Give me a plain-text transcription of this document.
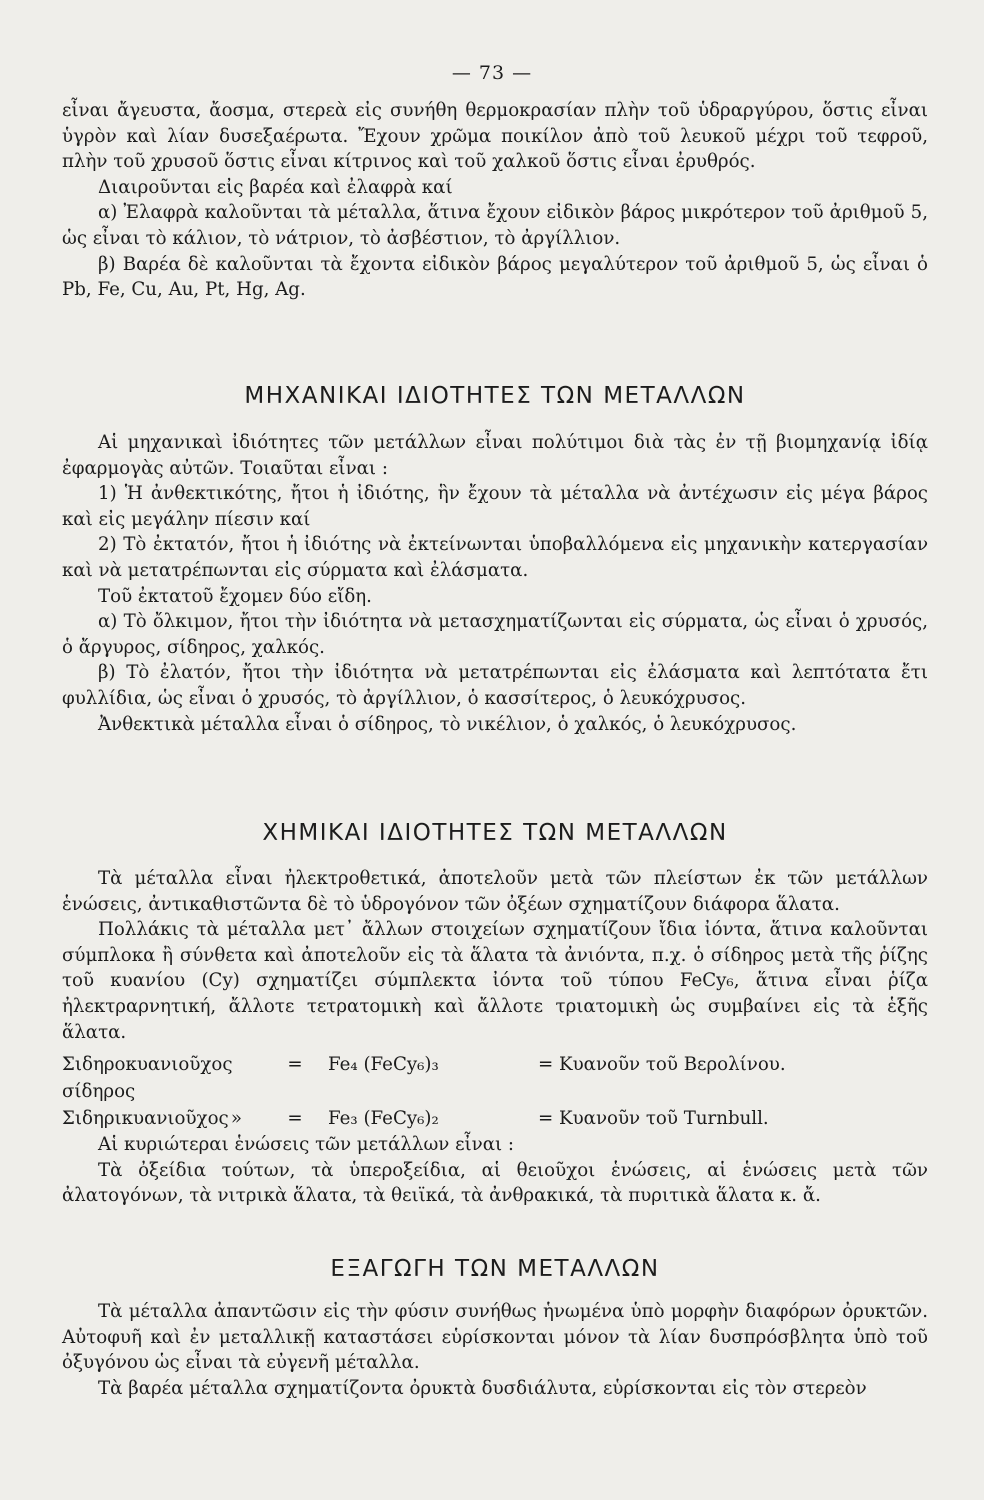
— 73 —

εἶναι ἄγευστα, ἄοσμα, στερεὰ εἰς συνήθη θερμοκρασίαν πλὴν τοῦ ὑδραργύρου, ὅστις εἶναι ὑγρὸν καὶ λίαν δυσεξαέρωτα. Ἔχουν χρῶμα ποικίλον ἀπὸ τοῦ λευκοῦ μέχρι τοῦ τεφροῦ, πλὴν τοῦ χρυσοῦ ὅστις εἶναι κίτρινος καὶ τοῦ χαλκοῦ ὅστις εἶναι ἐρυθρός.

Διαιροῦνται εἰς βαρέα καὶ ἐλαφρὰ καί

α) Ἐλαφρὰ καλοῦνται τὰ μέταλλα, ἅτινα ἔχουν εἰδικὸν βάρος μικρότερον τοῦ ἀριθμοῦ 5, ὡς εἶναι τὸ κάλιον, τὸ νάτριον, τὸ ἀσβέστιον, τὸ ἀργίλλιον.

β) Βαρέα δὲ καλοῦνται τὰ ἔχοντα εἰδικὸν βάρος μεγαλύτερον τοῦ ἀριθμοῦ 5, ὡς εἶναι ὁ Pb, Fe, Cu, Au, Pt, Hg, Ag.

ΜΗΧΑΝΙΚΑΙ ΙΔΙΟΤΗΤΕΣ ΤΩΝ ΜΕΤΑΛΛΩΝ

Αἱ μηχανικαὶ ἰδιότητες τῶν μετάλλων εἶναι πολύτιμοι διὰ τὰς ἐν τῇ βιομηχανίᾳ ἰδίᾳ ἐφαρμογὰς αὐτῶν. Τοιαῦται εἶναι :

1) Ἡ ἀνθεκτικότης, ἤτοι ἡ ἰδιότης, ἣν ἔχουν τὰ μέταλλα νὰ ἀντέχωσιν εἰς μέγα βάρος καὶ εἰς μεγάλην πίεσιν καί

2) Τὸ ἐκτατόν, ἤτοι ἡ ἰδιότης νὰ ἐκτείνωνται ὑποβαλλόμενα εἰς μηχανικὴν κατεργασίαν καὶ νὰ μετατρέπωνται εἰς σύρματα καὶ ἐλάσματα.

Τοῦ ἐκτατοῦ ἔχομεν δύο εἴδη.

α) Τὸ ὄλκιμον, ἤτοι τὴν ἰδιότητα νὰ μετασχηματίζωνται εἰς σύρματα, ὡς εἶναι ὁ χρυσός, ὁ ἄργυρος, σίδηρος, χαλκός.

β) Τὸ ἐλατόν, ἤτοι τὴν ἰδιότητα νὰ μετατρέπωνται εἰς ἐλάσματα καὶ λεπτότατα ἔτι φυλλίδια, ὡς εἶναι ὁ χρυσός, τὸ ἀργίλλιον, ὁ κασσίτερος, ὁ λευκόχρυσος.

Ἀνθεκτικὰ μέταλλα εἶναι ὁ σίδηρος, τὸ νικέλιον, ὁ χαλκός, ὁ λευκόχρυσος.

ΧΗΜΙΚΑΙ ΙΔΙΟΤΗΤΕΣ ΤΩΝ ΜΕΤΑΛΛΩΝ

Τὰ μέταλλα εἶναι ἠλεκτροθετικά, ἀποτελοῦν μετὰ τῶν πλείστων ἐκ τῶν μετάλλων ἑνώσεις, ἀντικαθιστῶντα δὲ τὸ ὑδρογόνον τῶν ὀξέων σχηματίζουν διάφορα ἅλατα.

Πολλάκις τὰ μέταλλα μετ᾿ ἄλλων στοιχείων σχηματίζουν ἴδια ἰόντα, ἅτινα καλοῦνται σύμπλοκα ἢ σύνθετα καὶ ἀποτελοῦν εἰς τὰ ἅλατα τὰ ἀνιόντα, π.χ. ὁ σίδηρος μετὰ τῆς ῥίζης τοῦ κυανίου (Cy) σχηματίζει σύμπλεκτα ἰόντα τοῦ τύπου FeCy₆, ἅτινα εἶναι ῥίζα ἠλεκτραρνητική, ἄλλοτε τετρατομικὴ καὶ ἄλλοτε τριατομικὴ ὡς συμβαίνει εἰς τὰ ἑξῆς ἅλατα.

Σιδηροκυανιοῦχος σίδηρος
=	Fe₄ (FeCy₆)₃	= Κυανοῦν τοῦ Βερολίνου.
Σιδηρικυανιοῦχος »	=	Fe₃ (FeCy₆)₂	= Κυανοῦν τοῦ Turnbull.

Αἱ κυριώτεραι ἑνώσεις τῶν μετάλλων εἶναι :

Τὰ ὀξείδια τούτων, τὰ ὑπεροξείδια, αἱ θειοῦχοι ἑνώσεις, αἱ ἑνώσεις μετὰ τῶν ἀλατογόνων, τὰ νιτρικὰ ἅλατα, τὰ θειϊκά, τὰ ἀνθρακικά, τὰ πυριτικὰ ἅλατα κ. ἄ.

ΕΞΑΓΩΓΗ ΤΩΝ ΜΕΤΑΛΛΩΝ

Τὰ μέταλλα ἀπαντῶσιν εἰς τὴν φύσιν συνήθως ἡνωμένα ὑπὸ μορφὴν διαφόρων ὀρυκτῶν. Αὐτοφυῆ καὶ ἐν μεταλλικῇ καταστάσει εὑρίσκονται μόνον τὰ λίαν δυσπρόσβλητα ὑπὸ τοῦ ὀξυγόνου ὡς εἶναι τὰ εὐγενῆ μέταλλα.

Τὰ βαρέα μέταλλα σχηματίζοντα ὀρυκτὰ δυσδιάλυτα, εὑρίσκονται εἰς τὸν στερεὸν
